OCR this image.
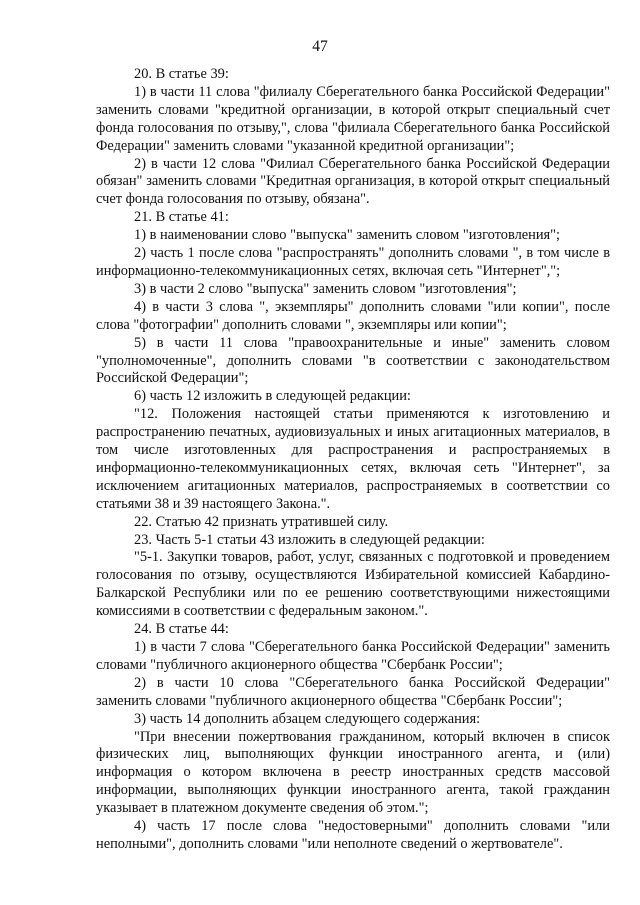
47

20. В статье 39:

1) в части 11 слова "филиалу Сберегательного банка Российской Федерации" заменить словами "кредитной организации, в которой открыт специальный счет фонда голосования по отзыву,", слова "филиала Сберегательного банка Российской Федерации" заменить словами "указанной кредитной организации";

2) в части 12 слова "Филиал Сберегательного банка Российской Федерации обязан" заменить словами "Кредитная организация, в которой открыт специальный счет фонда голосования по отзыву, обязана".

21. В статье 41:

1) в наименовании слово "выпуска" заменить словом "изготовления";

2) часть 1 после слова "распространять" дополнить словами ", в том числе в информационно-телекоммуникационных сетях, включая сеть "Интернет",";

3) в части 2 слово "выпуска" заменить словом "изготовления";

4) в части 3 слова ", экземпляры" дополнить словами "или копии", после слова "фотографии" дополнить словами ", экземпляры или копии";

5) в части 11 слова "правоохранительные и иные" заменить словом "уполномоченные", дополнить словами "в соответствии с законодательством Российской Федерации";

6) часть 12 изложить в следующей редакции:

"12. Положения настоящей статьи применяются к изготовлению и распространению печатных, аудиовизуальных и иных агитационных материалов, в том числе изготовленных для распространения и распространяемых в информационно-телекоммуникационных сетях, включая сеть "Интернет", за исключением агитационных материалов, распространяемых в соответствии со статьями 38 и 39 настоящего Закона.".

22. Статью 42 признать утратившей силу.

23. Часть 5-1 статьи 43 изложить в следующей редакции:

"5-1. Закупки товаров, работ, услуг, связанных с подготовкой и проведением голосования по отзыву, осуществляются Избирательной комиссией Кабардино-Балкарской Республики или по ее решению соответствующими нижестоящими комиссиями в соответствии с федеральным законом.".

24. В статье 44:

1) в части 7 слова "Сберегательного банка Российской Федерации" заменить словами "публичного акционерного общества "Сбербанк России";

2) в части 10 слова "Сберегательного банка Российской Федерации" заменить словами "публичного акционерного общества "Сбербанк России";

3) часть 14 дополнить абзацем следующего содержания:

"При внесении пожертвования гражданином, который включен в список физических лиц, выполняющих функции иностранного агента, и (или) информация о котором включена в реестр иностранных средств массовой информации, выполняющих функции иностранного агента, такой гражданин указывает в платежном документе сведения об этом.";

4) часть 17 после слова "недостоверными" дополнить словами "или неполными", дополнить словами "или неполноте сведений о жертвователе".
